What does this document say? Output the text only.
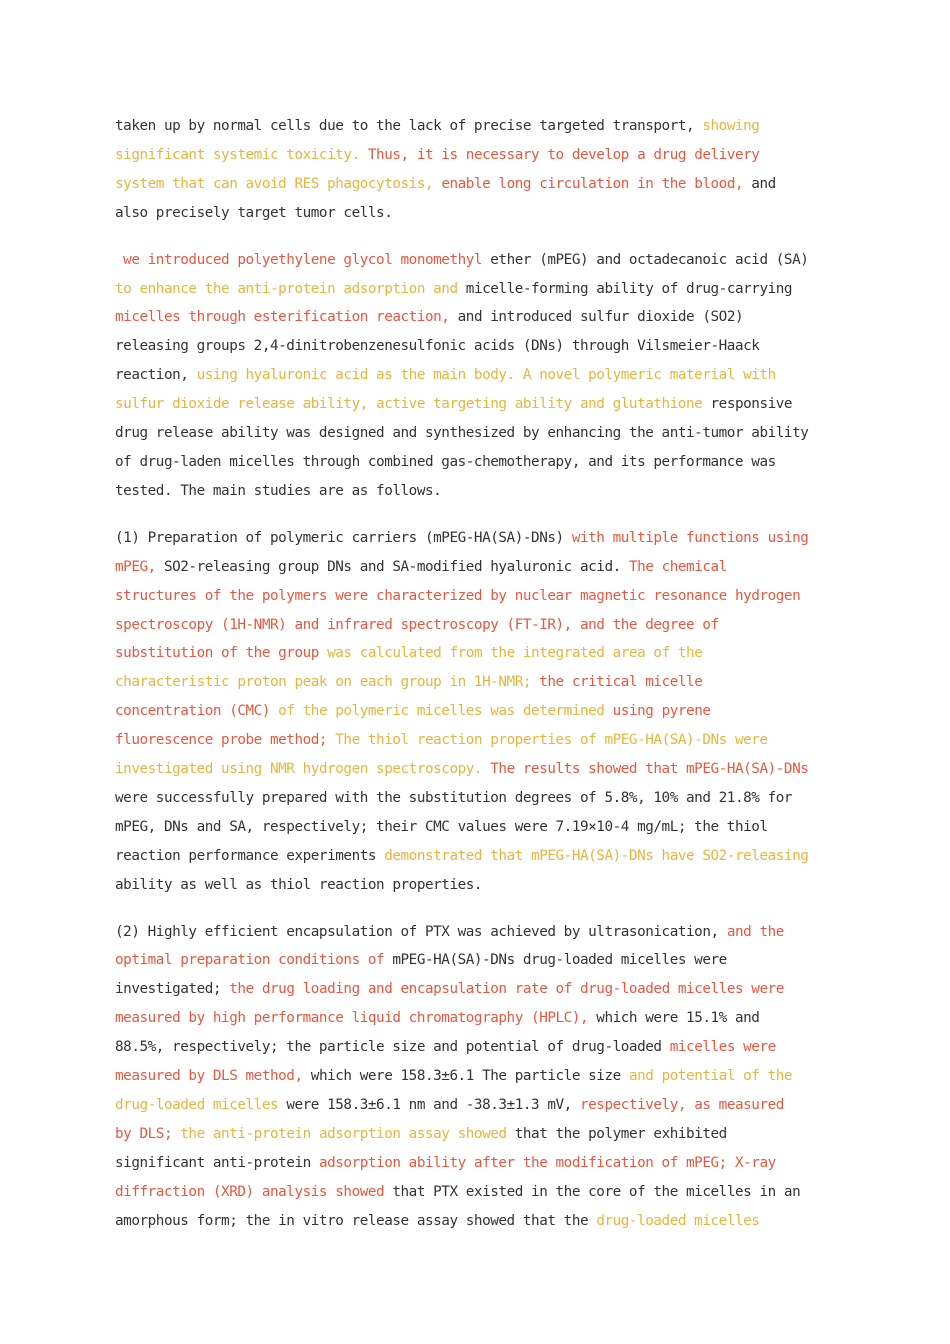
taken up by normal cells due to the lack of precise targeted transport, showing
significant systemic toxicity. Thus, it is necessary to develop a drug delivery
system that can avoid RES phagocytosis, enable long circulation in the blood, and
also precisely target tumor cells.
we introduced polyethylene glycol monomethyl ether (mPEG) and octadecanoic acid (SA)
to enhance the anti-protein adsorption and micelle-forming ability of drug-carrying
micelles through esterification reaction, and introduced sulfur dioxide (SO2)
releasing groups 2,4-dinitrobenzenesulfonic acids (DNs) through Vilsmeier-Haack
reaction, using hyaluronic acid as the main body. A novel polymeric material with
sulfur dioxide release ability, active targeting ability and glutathione responsive
drug release ability was designed and synthesized by enhancing the anti-tumor ability
of drug-laden micelles through combined gas-chemotherapy, and its performance was
tested. The main studies are as follows.
(1) Preparation of polymeric carriers (mPEG-HA(SA)-DNs) with multiple functions using
mPEG, SO2-releasing group DNs and SA-modified hyaluronic acid. The chemical
structures of the polymers were characterized by nuclear magnetic resonance hydrogen
spectroscopy (1H-NMR) and infrared spectroscopy (FT-IR), and the degree of
substitution of the group was calculated from the integrated area of the
characteristic proton peak on each group in 1H-NMR; the critical micelle
concentration (CMC) of the polymeric micelles was determined using pyrene
fluorescence probe method; The thiol reaction properties of mPEG-HA(SA)-DNs were
investigated using NMR hydrogen spectroscopy. The results showed that mPEG-HA(SA)-DNs
were successfully prepared with the substitution degrees of 5.8%, 10% and 21.8% for
mPEG, DNs and SA, respectively; their CMC values were 7.19×10-4 mg/mL; the thiol
reaction performance experiments demonstrated that mPEG-HA(SA)-DNs have SO2-releasing
ability as well as thiol reaction properties.
(2) Highly efficient encapsulation of PTX was achieved by ultrasonication, and the
optimal preparation conditions of mPEG-HA(SA)-DNs drug-loaded micelles were
investigated; the drug loading and encapsulation rate of drug-loaded micelles were
measured by high performance liquid chromatography (HPLC), which were 15.1% and
88.5%, respectively; the particle size and potential of drug-loaded micelles were
measured by DLS method, which were 158.3±6.1 The particle size and potential of the
drug-loaded micelles were 158.3±6.1 nm and -38.3±1.3 mV, respectively, as measured
by DLS; the anti-protein adsorption assay showed that the polymer exhibited
significant anti-protein adsorption ability after the modification of mPEG; X-ray
diffraction (XRD) analysis showed that PTX existed in the core of the micelles in an
amorphous form; the in vitro release assay showed that the drug-loaded micelles
